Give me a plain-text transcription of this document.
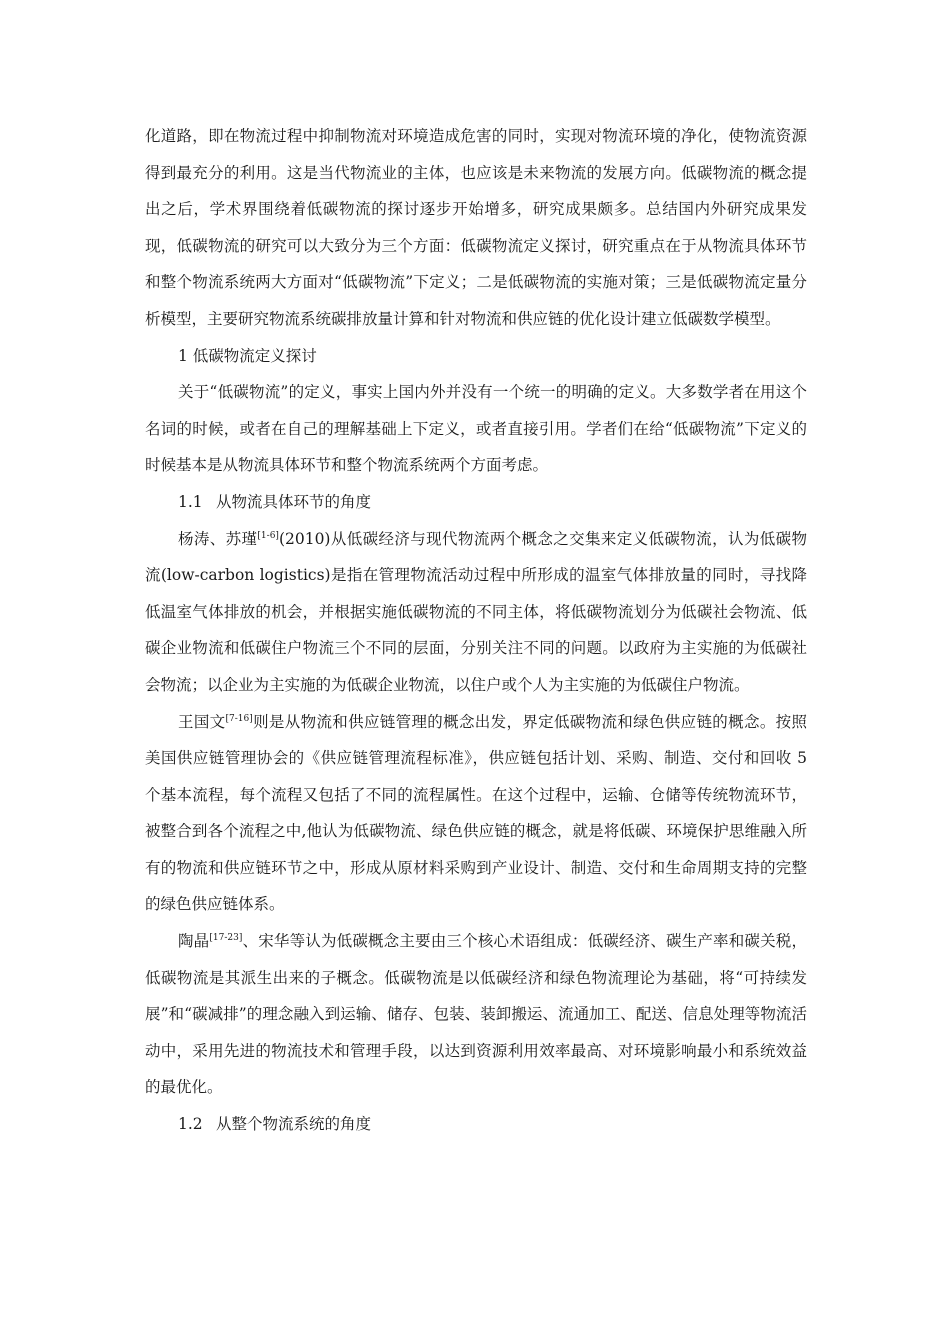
化道路，即在物流过程中抑制物流对环境造成危害的同时，实现对物流环境的净化，使物流资源得到最充分的利用。这是当代物流业的主体，也应该是未来物流的发展方向。低碳物流的概念提出之后，学术界围绕着低碳物流的探讨逐步开始增多，研究成果颇多。总结国内外研究成果发现，低碳物流的研究可以大致分为三个方面：低碳物流定义探讨，研究重点在于从物流具体环节和整个物流系统两大方面对“低碳物流”下定义；二是低碳物流的实施对策；三是低碳物流定量分析模型，主要研究物流系统碳排放量计算和针对物流和供应链的优化设计建立低碳数学模型。

1 低碳物流定义探讨

关于“低碳物流”的定义，事实上国内外并没有一个统一的明确的定义。大多数学者在用这个名词的时候，或者在自己的理解基础上下定义，或者直接引用。学者们在给“低碳物流”下定义的时候基本是从物流具体环节和整个物流系统两个方面考虑。

1.1 从物流具体环节的角度

杨涛、苏瑾[1-6](2010)从低碳经济与现代物流两个概念之交集来定义低碳物流，认为低碳物流(low-carbon logistics)是指在管理物流活动过程中所形成的温室气体排放量的同时，寻找降低温室气体排放的机会，并根据实施低碳物流的不同主体，将低碳物流划分为低碳社会物流、低碳企业物流和低碳住户物流三个不同的层面，分别关注不同的问题。以政府为主实施的为低碳社会物流；以企业为主实施的为低碳企业物流，以住户或个人为主实施的为低碳住户物流。

王国文[7-16]则是从物流和供应链管理的概念出发，界定低碳物流和绿色供应链的概念。按照美国供应链管理协会的《供应链管理流程标准》，供应链包括计划、采购、制造、交付和回收 5 个基本流程，每个流程又包括了不同的流程属性。在这个过程中，运输、仓储等传统物流环节，被整合到各个流程之中,他认为低碳物流、绿色供应链的概念，就是将低碳、环境保护思维融入所有的物流和供应链环节之中，形成从原材料采购到产业设计、制造、交付和生命周期支持的完整的绿色供应链体系。

陶晶[17-23]、宋华等认为低碳概念主要由三个核心术语组成：低碳经济、碳生产率和碳关税，低碳物流是其派生出来的子概念。低碳物流是以低碳经济和绿色物流理论为基础，将“可持续发展”和“碳减排”的理念融入到运输、储存、包装、装卸搬运、流通加工、配送、信息处理等物流活动中，采用先进的物流技术和管理手段，以达到资源利用效率最高、对环境影响最小和系统效益的最优化。

1.2 从整个物流系统的角度
